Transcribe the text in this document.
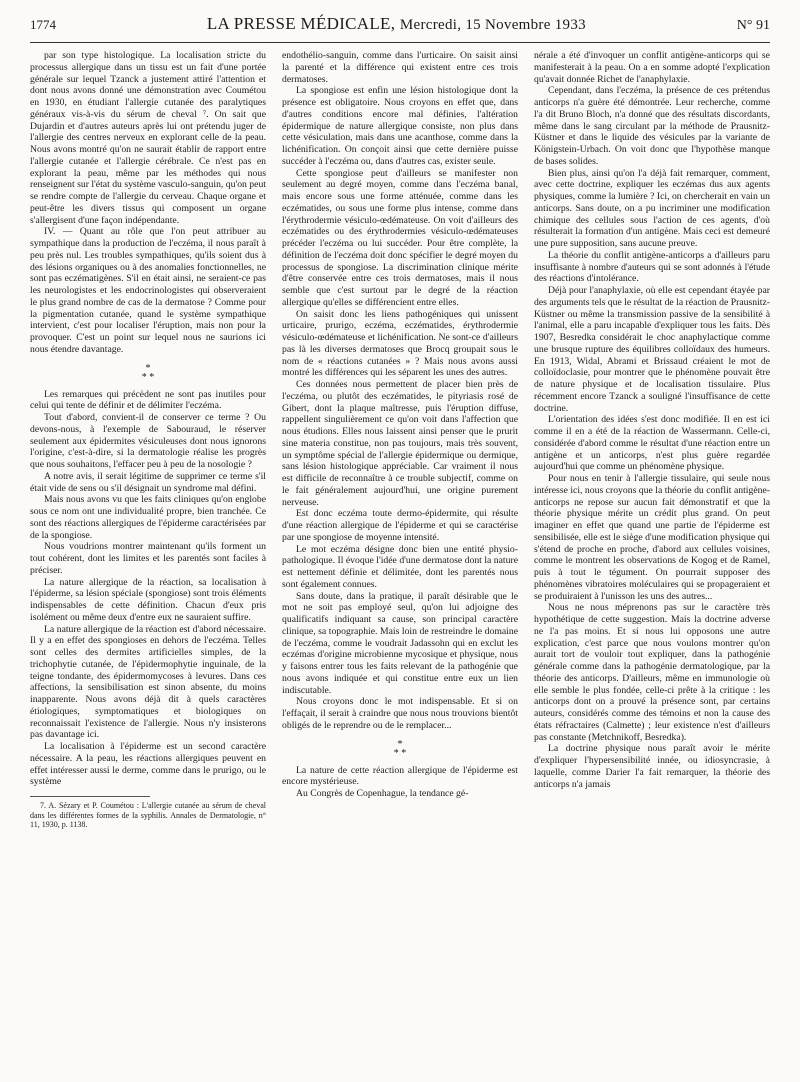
1774	LA PRESSE MÉDICALE, Mercredi, 15 Novembre 1933	N° 91

par son type histologique. La localisation stricte du processus allergique dans un tissu est un fait d'une portée générale sur lequel Tzanck a justement attiré l'attention et dont nous avons donné une démonstration avec Coumétou en 1930, en étudiant l'allergie cutanée des paralytiques généraux vis-à-vis du sérum de cheval ⁷. On sait que Dujardin et d'autres auteurs après lui ont prétendu juger de l'allergie des centres nerveux en explorant celle de la peau. Nous avons montré qu'on ne saurait établir de rapport entre l'allergie cutanée et l'allergie cérébrale. Ce n'est pas en explorant la peau, même par les méthodes qui nous renseignent sur l'état du système vasculo-sanguin, qu'on peut se rendre compte de l'allergie du cerveau. Chaque organe et peut-être les divers tissus qui composent un organe s'allergisent d'une façon indépendante.

IV. — Quant au rôle que l'on peut attribuer au sympathique dans la production de l'eczéma, il nous paraît à peu près nul. Les troubles sympathiques, qu'ils soient dus à des lésions organiques ou à des anomalies fonctionnelles, ne sont pas eczématigènes. S'il en était ainsi, ne seraient-ce pas les neurologistes et les endocrinologistes qui observeraient le plus grand nombre de cas de la dermatose ? Comme pour la pigmentation cutanée, quand le système sympathique intervient, c'est pour localiser l'éruption, mais non pour la provoquer. C'est un point sur lequel nous ne saurions ici nous étendre davantage.

*
* *

Les remarques qui précèdent ne sont pas inutiles pour celui qui tente de définir et de délimiter l'eczéma.

Tout d'abord, convient-il de conserver ce terme ? Ou devons-nous, à l'exemple de Sabouraud, le réserver seulement aux épidermites vésiculeuses dont nous ignorons l'origine, c'est-à-dire, si la dermatologie réalise les progrès que nous souhaitons, l'effacer peu à peu de la nosologie ?

A notre avis, il serait légitime de supprimer ce terme s'il était vide de sens ou s'il désignait un syndrome mal défini.

Mais nous avons vu que les faits cliniques qu'on englobe sous ce nom ont une individualité propre, bien tranchée. Ce sont des réactions allergiques de l'épiderme caractérisées par de la spongiose.

Nous voudrions montrer maintenant qu'ils forment un tout cohérent, dont les limites et les parentés sont faciles à préciser.

La nature allergique de la réaction, sa localisation à l'épiderme, sa lésion spéciale (spongiose) sont trois éléments indispensables de cette définition. Chacun d'eux pris isolément ou même deux d'entre eux ne sauraient suffire.

La nature allergique de la réaction est d'abord nécessaire. Il y a en effet des spongioses en dehors de l'eczéma. Telles sont celles des dermites artificielles simples, de la trichophytie cutanée, de l'épidermophytie inguinale, de la teigne tondante, des épidermomycoses à levures. Dans ces affections, la sensibilisation est sinon absente, du moins inapparente. Nous avons déjà dit à quels caractères étiologiques, symptomatiques et biologiques on reconnaissait l'existence de l'allergie. Nous n'y insisterons pas davantage ici.

La localisation à l'épiderme est un second caractère nécessaire. A la peau, les réactions allergiques peuvent en effet intéresser aussi le derme, comme dans le prurigo, ou le système

7. A. Sézary et P. Coumétou : L'allergie cutanée au sérum de cheval dans les différentes formes de la syphilis. Annales de Dermatologie, n° 11, 1930, p. 1138.

endothélio-sanguin, comme dans l'urticaire. On saisit ainsi la parenté et la différence qui existent entre ces trois dermatoses.

La spongiose est enfin une lésion histologique dont la présence est obligatoire. Nous croyons en effet que, dans d'autres conditions encore mal définies, l'altération épidermique de nature allergique consiste, non plus dans cette vésiculation, mais dans une acanthose, comme dans la lichénification. On conçoit ainsi que cette dernière puisse succéder à l'eczéma ou, dans d'autres cas, exister seule.

Cette spongiose peut d'ailleurs se manifester non seulement au degré moyen, comme dans l'eczéma banal, mais encore sous une forme atténuée, comme dans les eczématides, ou sous une forme plus intense, comme dans l'érythrodermie vésiculo-œdémateuse. On voit d'ailleurs des eczématides ou des érythrodermies vésiculo-œdémateuses précéder l'eczéma ou lui succéder. Pour être complète, la définition de l'eczéma doit donc spécifier le degré moyen du processus de spongiose. La discrimination clinique mérite d'être conservée entre ces trois dermatoses, mais il nous semble que c'est surtout par le degré de la réaction allergique qu'elles se différencient entre elles.

On saisit donc les liens pathogéniques qui unissent urticaire, prurigo, eczéma, eczématides, érythrodermie vésiculo-œdémateuse et lichénification. Ne sont-ce d'ailleurs pas là les diverses dermatoses que Brocq groupait sous le nom de « réactions cutanées » ? Mais nous avons aussi montré les différences qui les séparent les unes des autres.

Ces données nous permettent de placer bien près de l'eczéma, ou plutôt des eczématides, le pityriasis rosé de Gibert, dont la plaque maîtresse, puis l'éruption diffuse, rappellent singulièrement ce qu'on voit dans l'affection que nous étudions. Elles nous laissent ainsi penser que le prurit sine materia constitue, non pas toujours, mais très souvent, un symptôme spécial de l'allergie épidermique ou dermique, sans lésion histologique appréciable. Car vraiment il nous est difficile de reconnaître à ce trouble subjectif, comme on le fait généralement aujourd'hui, une origine purement nerveuse.

Est donc eczéma toute dermo-épidermite, qui résulte d'une réaction allergique de l'épiderme et qui se caractérise par une spongiose de moyenne intensité.

Le mot eczéma désigne donc bien une entité physio-pathologique. Il évoque l'idée d'une dermatose dont la nature est nettement définie et délimitée, dont les parentés nous sont également connues.

Sans doute, dans la pratique, il paraît désirable que le mot ne soit pas employé seul, qu'on lui adjoigne des qualificatifs indiquant sa cause, son principal caractère clinique, sa topographie. Mais loin de restreindre le domaine de l'eczéma, comme le voudrait Jadassohn qui en exclut les eczémas d'origine microbienne mycosique et physique, nous y faisons entrer tous les faits relevant de la pathogénie que nous avons indiquée et qui constitue entre eux un lien indiscutable.

Nous croyons donc le mot indispensable. Et si on l'effaçait, il serait à craindre que nous nous trouvions bientôt obligés de le reprendre ou de le remplacer...

*
* *

La nature de cette réaction allergique de l'épiderme est encore mystérieuse.

Au Congrès de Copenhague, la tendance gé-

nérale a été d'invoquer un conflit antigène-anticorps qui se manifesterait à la peau. On a en somme adopté l'explication qu'avait donnée Richet de l'anaphylaxie.

Cependant, dans l'eczéma, la présence de ces prétendus anticorps n'a guère été démontrée. Leur recherche, comme l'a dit Bruno Bloch, n'a donné que des résultats discordants, même dans le sang circulant par la méthode de Prausnitz-Küstner et dans le liquide des vésicules par la variante de Königstein-Urbach. On voit donc que l'hypothèse manque de bases solides.

Bien plus, ainsi qu'on l'a déjà fait remarquer, comment, avec cette doctrine, expliquer les eczémas dus aux agents physiques, comme la lumière ? Ici, on chercherait en vain un anticorps. Sans doute, on a pu incriminer une modification chimique des cellules sous l'action de ces agents, d'où résulterait la formation d'un antigène. Mais ceci est demeuré une pure supposition, sans aucune preuve.

La théorie du conflit antigène-anticorps a d'ailleurs paru insuffisante à nombre d'auteurs qui se sont adonnés à l'étude des réactions d'intolérance.

Déjà pour l'anaphylaxie, où elle est cependant étayée par des arguments tels que le résultat de la réaction de Prausnitz-Küstner ou même la transmission passive de la sensibilité à l'animal, elle a paru incapable d'expliquer tous les faits. Dès 1907, Besredka considérait le choc anaphylactique comme une brusque rupture des équilibres colloïdaux des humeurs. En 1913, Widal, Abrami et Brissaud créaient le mot de colloïdoclasie, pour montrer que le phénomène pouvait être de nature physique et de localisation tissulaire. Plus récemment encore Tzanck a souligné l'insuffisance de cette doctrine.

L'orientation des idées s'est donc modifiée. Il en est ici comme il en a été de la réaction de Wassermann. Celle-ci, considérée d'abord comme le résultat d'une réaction entre un antigène et un anticorps, n'est plus guère regardée aujourd'hui que comme un phénomène physique.

Pour nous en tenir à l'allergie tissulaire, qui seule nous intéresse ici, nous croyons que la théorie du conflit antigène-anticorps ne repose sur aucun fait démonstratif et que la théorie physique mérite un crédit plus grand. On peut imaginer en effet que quand une partie de l'épiderme est sensibilisée, elle est le siège d'une modification physique qui s'étend de proche en proche, d'abord aux cellules voisines, comme le montrent les observations de Kogog et de Ramel, puis à tout le tégument. On pourrait supposer des phénomènes vibratoires moléculaires qui se propageraient et se produiraient à l'unisson les uns des autres...

Nous ne nous méprenons pas sur le caractère très hypothétique de cette suggestion. Mais la doctrine adverse ne l'a pas moins. Et si nous lui opposons une autre explication, c'est parce que nous voulons montrer qu'on aurait tort de vouloir tout expliquer, dans la pathogénie générale comme dans la pathogénie dermatologique, par la théorie des anticorps. D'ailleurs, même en immunologie où elle semble le plus fondée, celle-ci prête à la critique : les anticorps dont on a prouvé la présence sont, par certains auteurs, considérés comme des témoins et non la cause des états réfractaires (Calmette) ; leur existence n'est d'ailleurs pas constante (Metchnikoff, Besredka).

La doctrine physique nous paraît avoir le mérite d'expliquer l'hypersensibilité innée, ou idiosyncrasie, à laquelle, comme Darier l'a fait remarquer, la théorie des anticorps n'a jamais
